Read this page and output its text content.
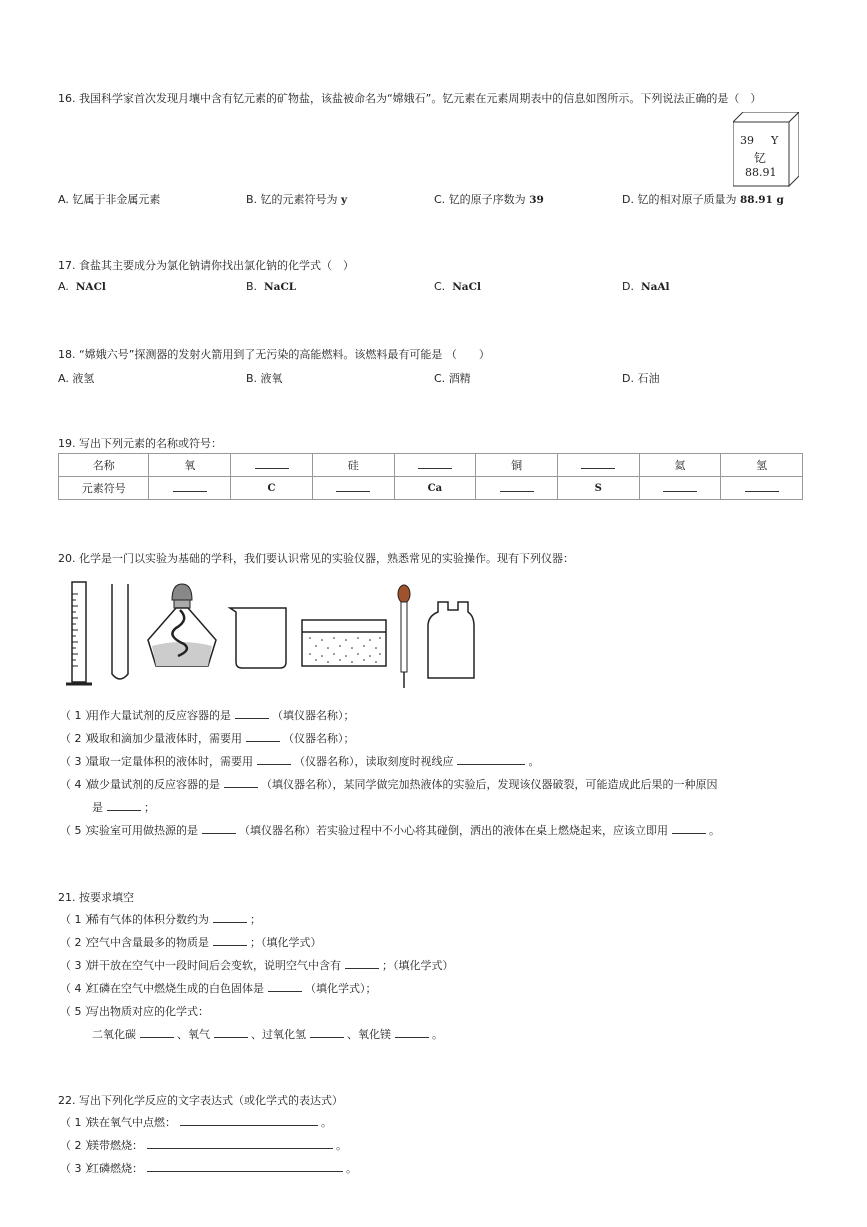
16. 我国科学家首次发现月壤中含有钇元素的矿物盐，该盐被命名为“嫦娥石”。钇元素在元素周期表中的信息如图所示。下列说法正确的是（　）
39 Y
钇
88.91
A. 钇属于非金属元素	B. 钇的元素符号为 y	C. 钇的原子序数为 39	D. 钇的相对原子质量为 88.91 g
17. 食盐其主要成分为氯化钠请你找出氯化钠的化学式（　）
A. NACl	B. NaCL	C. NaCl	D. NaAl
18. “嫦娥六号”探测器的发射火箭用到了无污染的高能燃料。该燃料最有可能是 （　　）
A. 液氢	B. 液氧	C. 酒精	D. 石油
19. 写出下列元素的名称或符号：
名称	氧		硅		铜		氦	氢
元素符号		C		Ca		S		
20. 化学是一门以实验为基础的学科，我们要认识常见的实验仪器，熟悉常见的实验操作。现有下列仪器：
（ 1 ）用作大量试剂的反应容器的是	（填仪器名称）；
（ 2 ）吸取和滴加少量液体时，需要用	（仪器名称）；
（ 3 ）量取一定量体积的液体时，需要用	（仪器名称），读取刻度时视线应	。
（ 4 ）做少量试剂的反应容器的是	（填仪器名称），某同学做完加热液体的实验后，发现该仪器破裂，可能造成此后果的一种原因
是	；
（ 5 ）实验室可用做热源的是	（填仪器名称）若实验过程中不小心将其碰倒，洒出的液体在桌上燃烧起来，应该立即用	。
21. 按要求填空
（ 1 ）稀有气体的体积分数约为	；
（ 2 ）空气中含量最多的物质是	；（填化学式）
（ 3 ）饼干放在空气中一段时间后会变软，说明空气中含有	；（填化学式）
（ 4 ）红磷在空气中燃烧生成的白色固体是	（填化学式）；
（ 5 ）写出物质对应的化学式：
二氧化碳	、氧气	、过氧化氢	、氧化镁	。
22. 写出下列化学反应的文字表达式（或化学式的表达式）
（ 1 ）铁在氧气中点燃：	。
（ 2 ）镁带燃烧：	。
（ 3 ）红磷燃烧：	。
